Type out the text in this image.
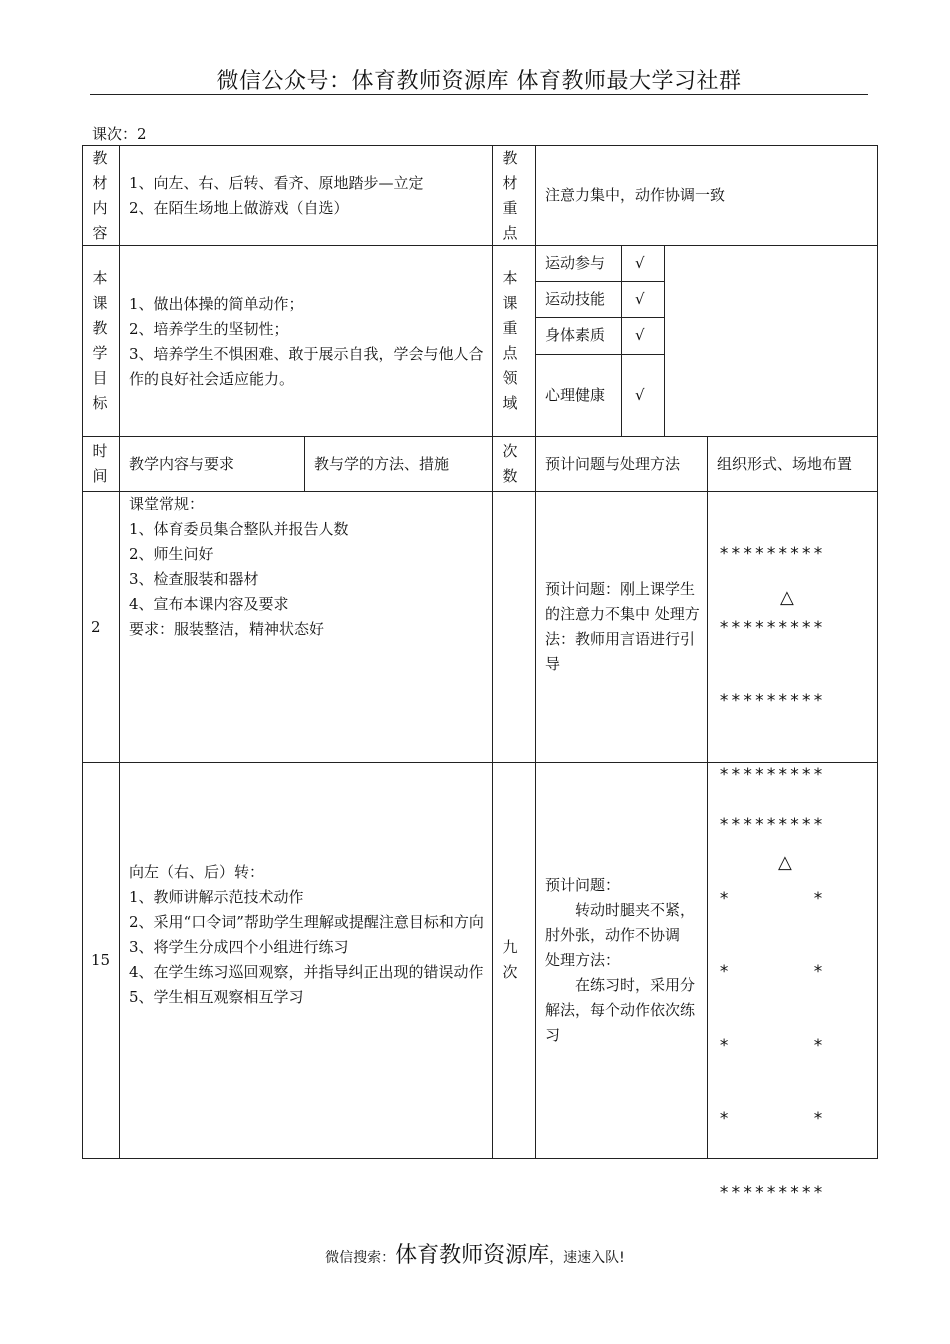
微信公众号：体育教师资源库 体育教师最大学习社群
课次：2
教材内容
1、向左、右、后转、看齐、原地踏步—立定
2、在陌生场地上做游戏（自选）
教材重点
注意力集中，动作协调一致
本课教学目标
1、做出体操的简单动作；
2、培养学生的坚韧性；
3、培养学生不惧困难、敢于展示自我，学会与他人合作的良好社会适应能力。
本课重点领域
运动参与 √
运动技能 √
身体素质 √
心理健康 √
时间
教学内容与要求	教与学的方法、措施
次数
预计问题与处理方法 组织形式、场地布置
2
课堂常规：
1、体育委员集合整队并报告人数
2、师生问好
3、检查服装和器材
4、宣布本课内容及要求
要求：服装整洁，精神状态好
预计问题：刚上课学生的注意力不集中 处理方法：教师用言语进行引导

*********

*********

*********

*********

△
15
向左（右、后）转：
1、教师讲解示范技术动作
2、采用“口令词”帮助学生理解或提醒注意目标和方向
3、将学生分成四个小组进行练习
4、在学生练习巡回观察，并指导纠正出现的错误动作
5、学生相互观察相互学习
九次

预计问题：

转动时腿夹不紧，肘外张，动作不协调

处理方法：

在练习时，采用分解法，每个动作依次练习

*********

*       *

*       *

*       *

*       *

*********

△
微信搜索：体育教师资源库，速速入队!
